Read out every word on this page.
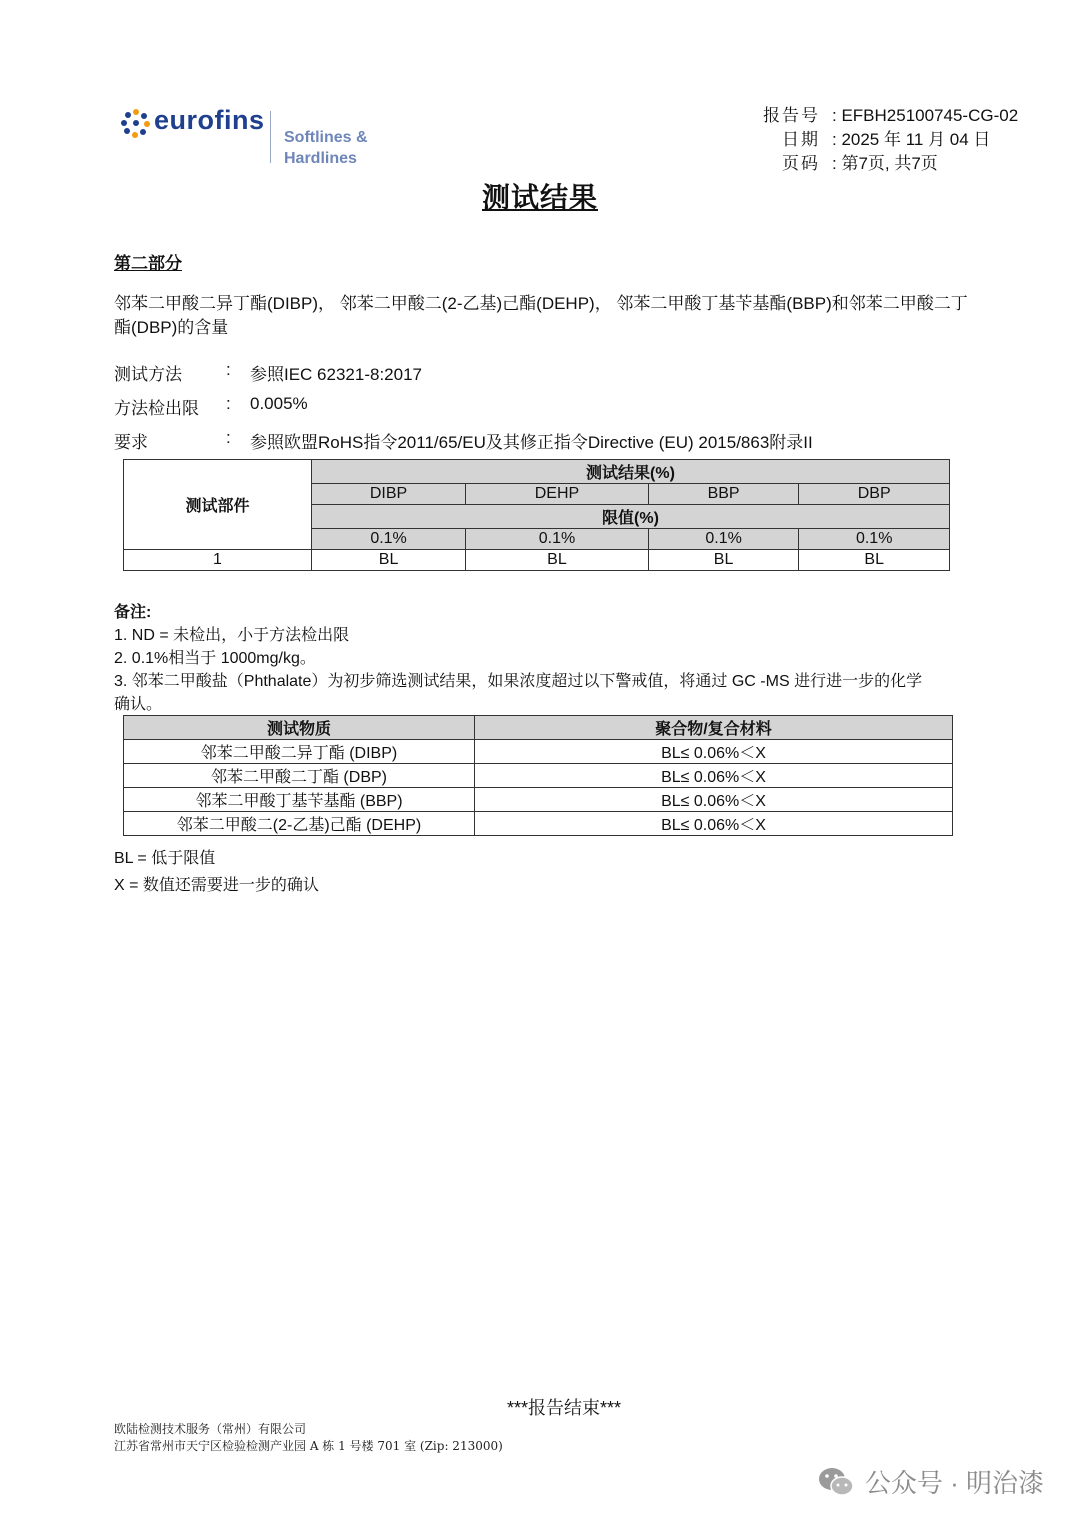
eurofins
Softlines &
Hardlines
报告号 : EFBH25100745-CG-02
日期 : 2025 年 11 月 04 日
页码 : 第7页, 共7页
测试结果
第二部分
邻苯二甲酸二异丁酯(DIBP)， 邻苯二甲酸二(2-乙基)己酯(DEHP)， 邻苯二甲酸丁基苄基酯(BBP)和邻苯二甲酸二丁
酯(DBP)的含量
测试方法	:	参照IEC 62321-8:2017
方法检出限	:	0.005%
要求	:	参照欧盟RoHS指令2011/65/EU及其修正指令Directive (EU) 2015/863附录II
测试部件	测试结果(%)			
	DIBP	DEHP	BBP	DBP
	限值(%)			
	0.1%	0.1%	0.1%	0.1%
1	BL	BL	BL	BL
备注:
1. ND = 未检出，小于方法检出限
2. 0.1%相当于 1000mg/kg。
3. 邻苯二甲酸盐（Phthalate）为初步筛选测试结果，如果浓度超过以下警戒值，将通过 GC -MS 进行进一步的化学
确认。
测试物质	聚合物/复合材料
邻苯二甲酸二异丁酯 (DIBP)	BL≤ 0.06%＜X
邻苯二甲酸二丁酯 (DBP)	BL≤ 0.06%＜X
邻苯二甲酸丁基苄基酯 (BBP)	BL≤ 0.06%＜X
邻苯二甲酸二(2-乙基)己酯 (DEHP)	BL≤ 0.06%＜X
BL = 低于限值
X = 数值还需要进一步的确认
***报告结束***
欧陆检测技术服务（常州）有限公司
江苏省常州市天宁区检验检测产业园 A 栋 1 号楼 701 室 (Zip: 213000)
公众号 · 明治漆
